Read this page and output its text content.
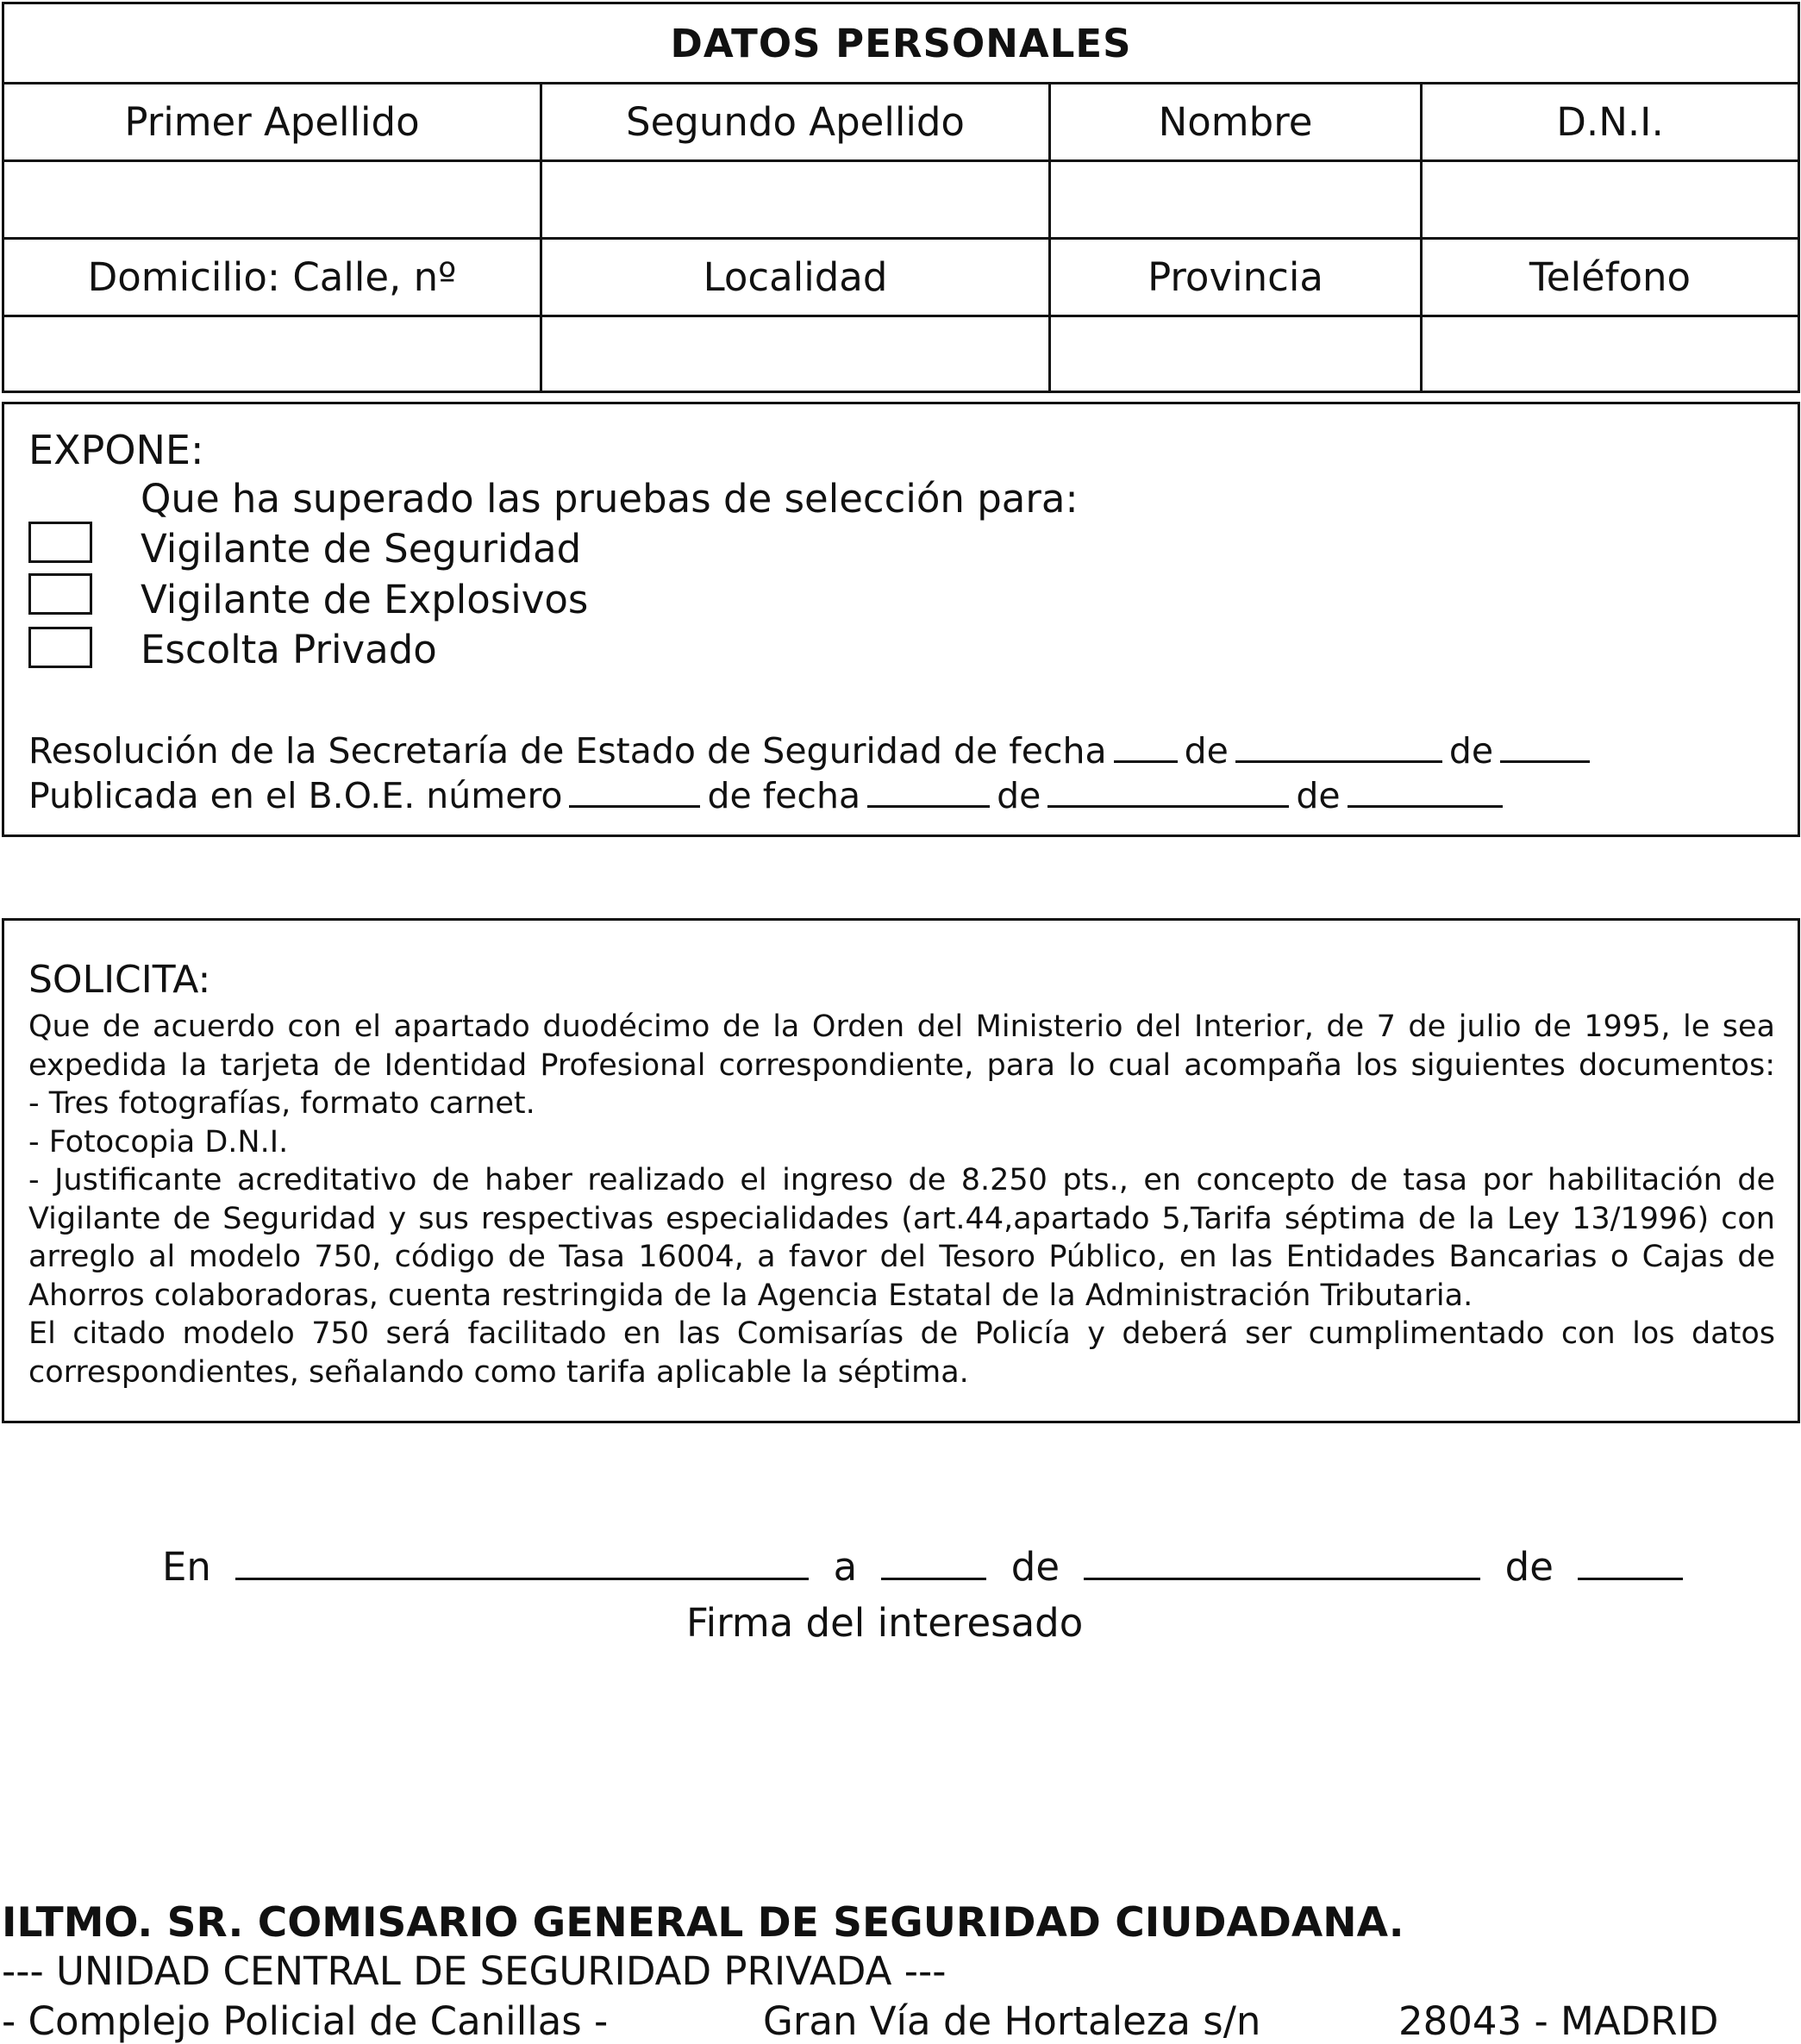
DATOS PERSONALES
Primer Apellido	Segundo Apellido	Nombre	D.N.I.
Domicilio: Calle, nº	Localidad	Provincia	Teléfono
EXPONE:
Que ha superado las pruebas de selección para:
Vigilante de Seguridad
Vigilante de Explosivos
Escolta Privado
Resolución de la Secretaría de Estado de Seguridad de fecha de	de
Publicada en el B.O.E. número	de fecha	de	de
SOLICITA:
Que de acuerdo con el apartado duodécimo de la Orden del Ministerio del Interior, de 7 de julio de 1995, le sea
expedida la tarjeta de Identidad Profesional correspondiente, para lo cual acompaña los siguientes documentos:
- Tres fotografías, formato carnet.
- Fotocopia D.N.I.
- Justificante acreditativo de haber realizado el ingreso de 8.250 pts., en concepto de tasa por habilitación de
Vigilante de Seguridad y sus respectivas especialidades (art.44,apartado 5,Tarifa séptima de la Ley 13/1996) con
arreglo al modelo 750, código de Tasa 16004, a favor del Tesoro Público, en las Entidades Bancarias o Cajas de
Ahorros colaboradoras, cuenta restringida de la Agencia Estatal de la Administración Tributaria.
El citado modelo 750 será facilitado en las Comisarías de Policía y deberá ser cumplimentado con los datos
correspondientes, señalando como tarifa aplicable la séptima.
En	a	de	de
Firma del interesado
ILTMO. SR. COMISARIO GENERAL DE SEGURIDAD CIUDADANA.
--- UNIDAD CENTRAL DE SEGURIDAD PRIVADA ---
- Complejo Policial de Canillas -	Gran Vía de Hortaleza s/n	28043 - MADRID
